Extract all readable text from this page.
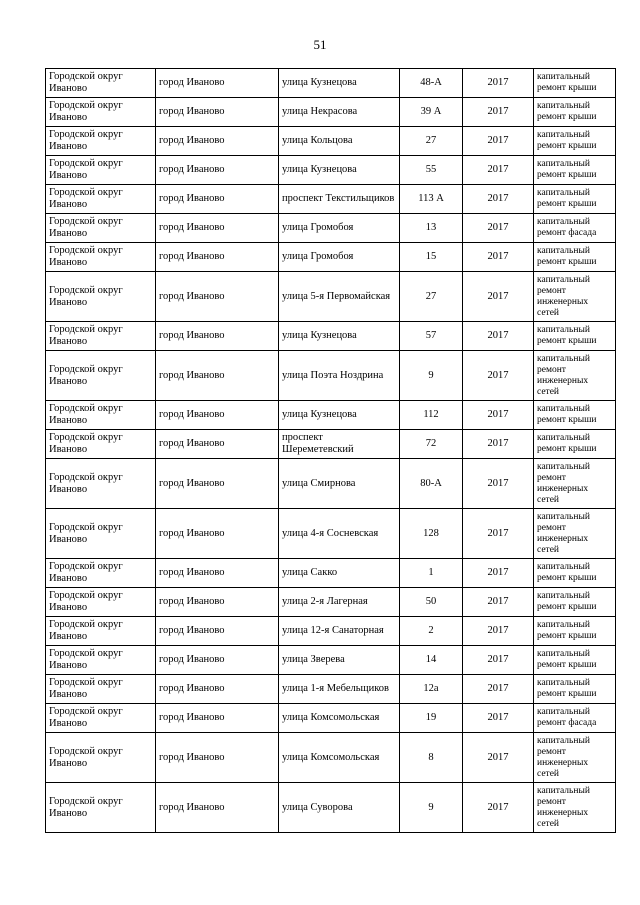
51
Городской округ Иваново	город Иваново	улица Кузнецова	48-А	2017	капитальный ремонт крыши
Городской округ Иваново	город Иваново	улица Некрасова	39 А	2017	капитальный ремонт крыши
Городской округ Иваново	город Иваново	улица Кольцова	27	2017	капитальный ремонт крыши
Городской округ Иваново	город Иваново	улица Кузнецова	55	2017	капитальный ремонт крыши
Городской округ Иваново	город Иваново	проспект Текстильщиков	113 А	2017	капитальный ремонт крыши
Городской округ Иваново	город Иваново	улица Громобоя	13	2017	капитальный ремонт фасада
Городской округ Иваново	город Иваново	улица Громобоя	15	2017	капитальный ремонт крыши
Городской округ Иваново	город Иваново	улица 5-я Первомайская	27	2017	капитальный ремонт инженерных сетей
Городской округ Иваново	город Иваново	улица Кузнецова	57	2017	капитальный ремонт крыши
Городской округ Иваново	город Иваново	улица Поэта Ноздрина	9	2017	капитальный ремонт инженерных сетей
Городской округ Иваново	город Иваново	улица Кузнецова	112	2017	капитальный ремонт крыши
Городской округ Иваново	город Иваново	проспект Шереметевский	72	2017	капитальный ремонт крыши
Городской округ Иваново	город Иваново	улица Смирнова	80-А	2017	капитальный ремонт инженерных сетей
Городской округ Иваново	город Иваново	улица 4-я Сосневская	128	2017	капитальный ремонт инженерных сетей
Городской округ Иваново	город Иваново	улица Сакко	1	2017	капитальный ремонт крыши
Городской округ Иваново	город Иваново	улица 2-я Лагерная	50	2017	капитальный ремонт крыши
Городской округ Иваново	город Иваново	улица 12-я Санаторная	2	2017	капитальный ремонт крыши
Городской округ Иваново	город Иваново	улица Зверева	14	2017	капитальный ремонт крыши
Городской округ Иваново	город Иваново	улица 1-я Мебельщиков	12а	2017	капитальный ремонт крыши
Городской округ Иваново	город Иваново	улица Комсомольская	19	2017	капитальный ремонт фасада
Городской округ Иваново	город Иваново	улица Комсомольская	8	2017	капитальный ремонт инженерных сетей
Городской округ Иваново	город Иваново	улица Суворова	9	2017	капитальный ремонт инженерных сетей
